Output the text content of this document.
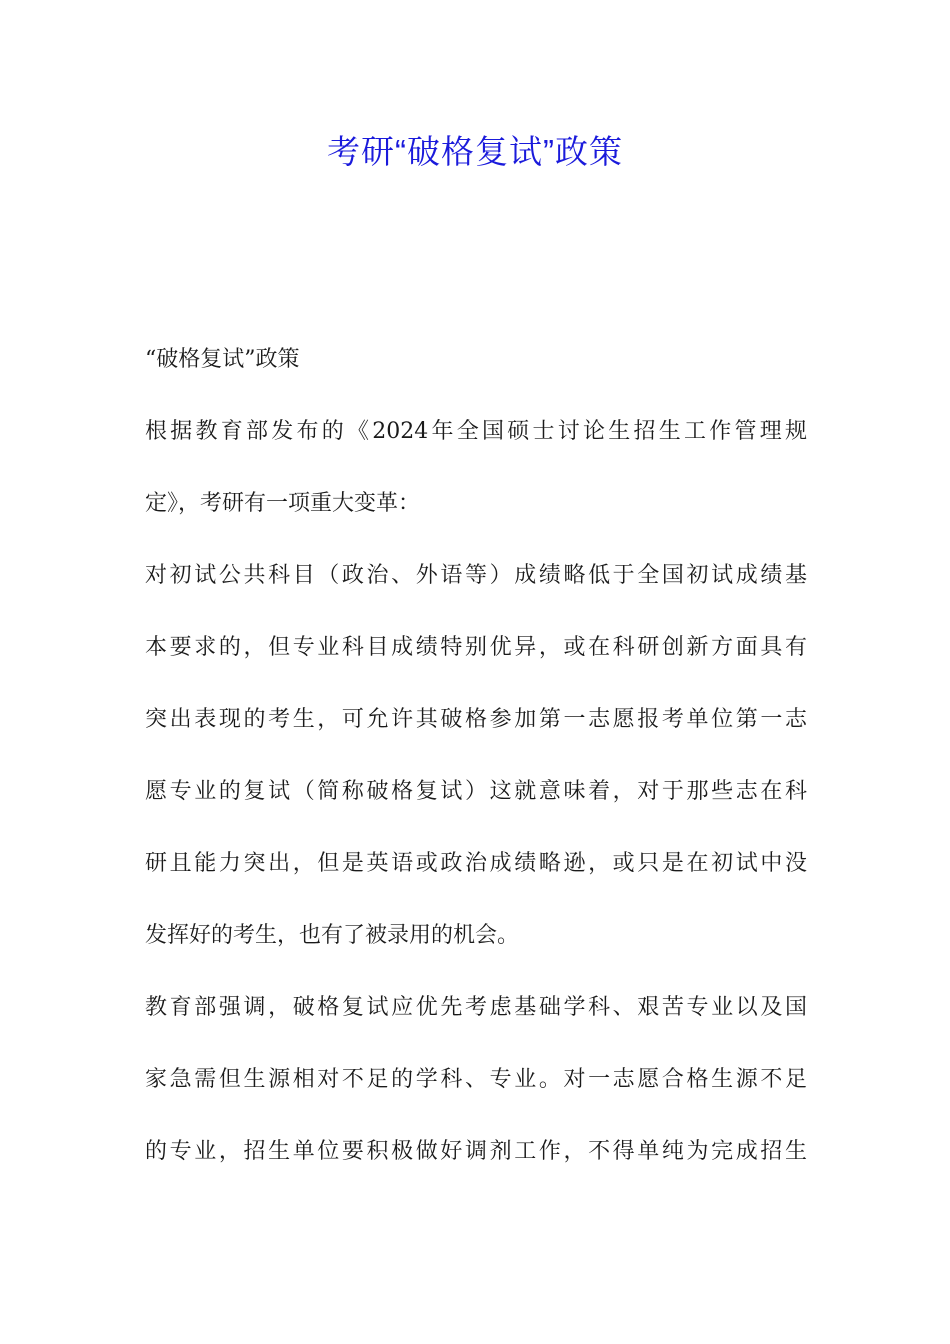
考研“破格复试”政策
“破格复试”政策
根据教育部发布的《2024年全国硕士讨论生招生工作管理规
定》，考研有一项重大变革：
对初试公共科目（政治、外语等）成绩略低于全国初试成绩基
本要求的，但专业科目成绩特别优异，或在科研创新方面具有
突出表现的考生，可允许其破格参加第一志愿报考单位第一志
愿专业的复试（简称破格复试）这就意味着，对于那些志在科
研且能力突出，但是英语或政治成绩略逊，或只是在初试中没
发挥好的考生，也有了被录用的机会。
教育部强调，破格复试应优先考虑基础学科、艰苦专业以及国
家急需但生源相对不足的学科、专业。对一志愿合格生源不足
的专业，招生单位要积极做好调剂工作，不得单纯为完成招生
